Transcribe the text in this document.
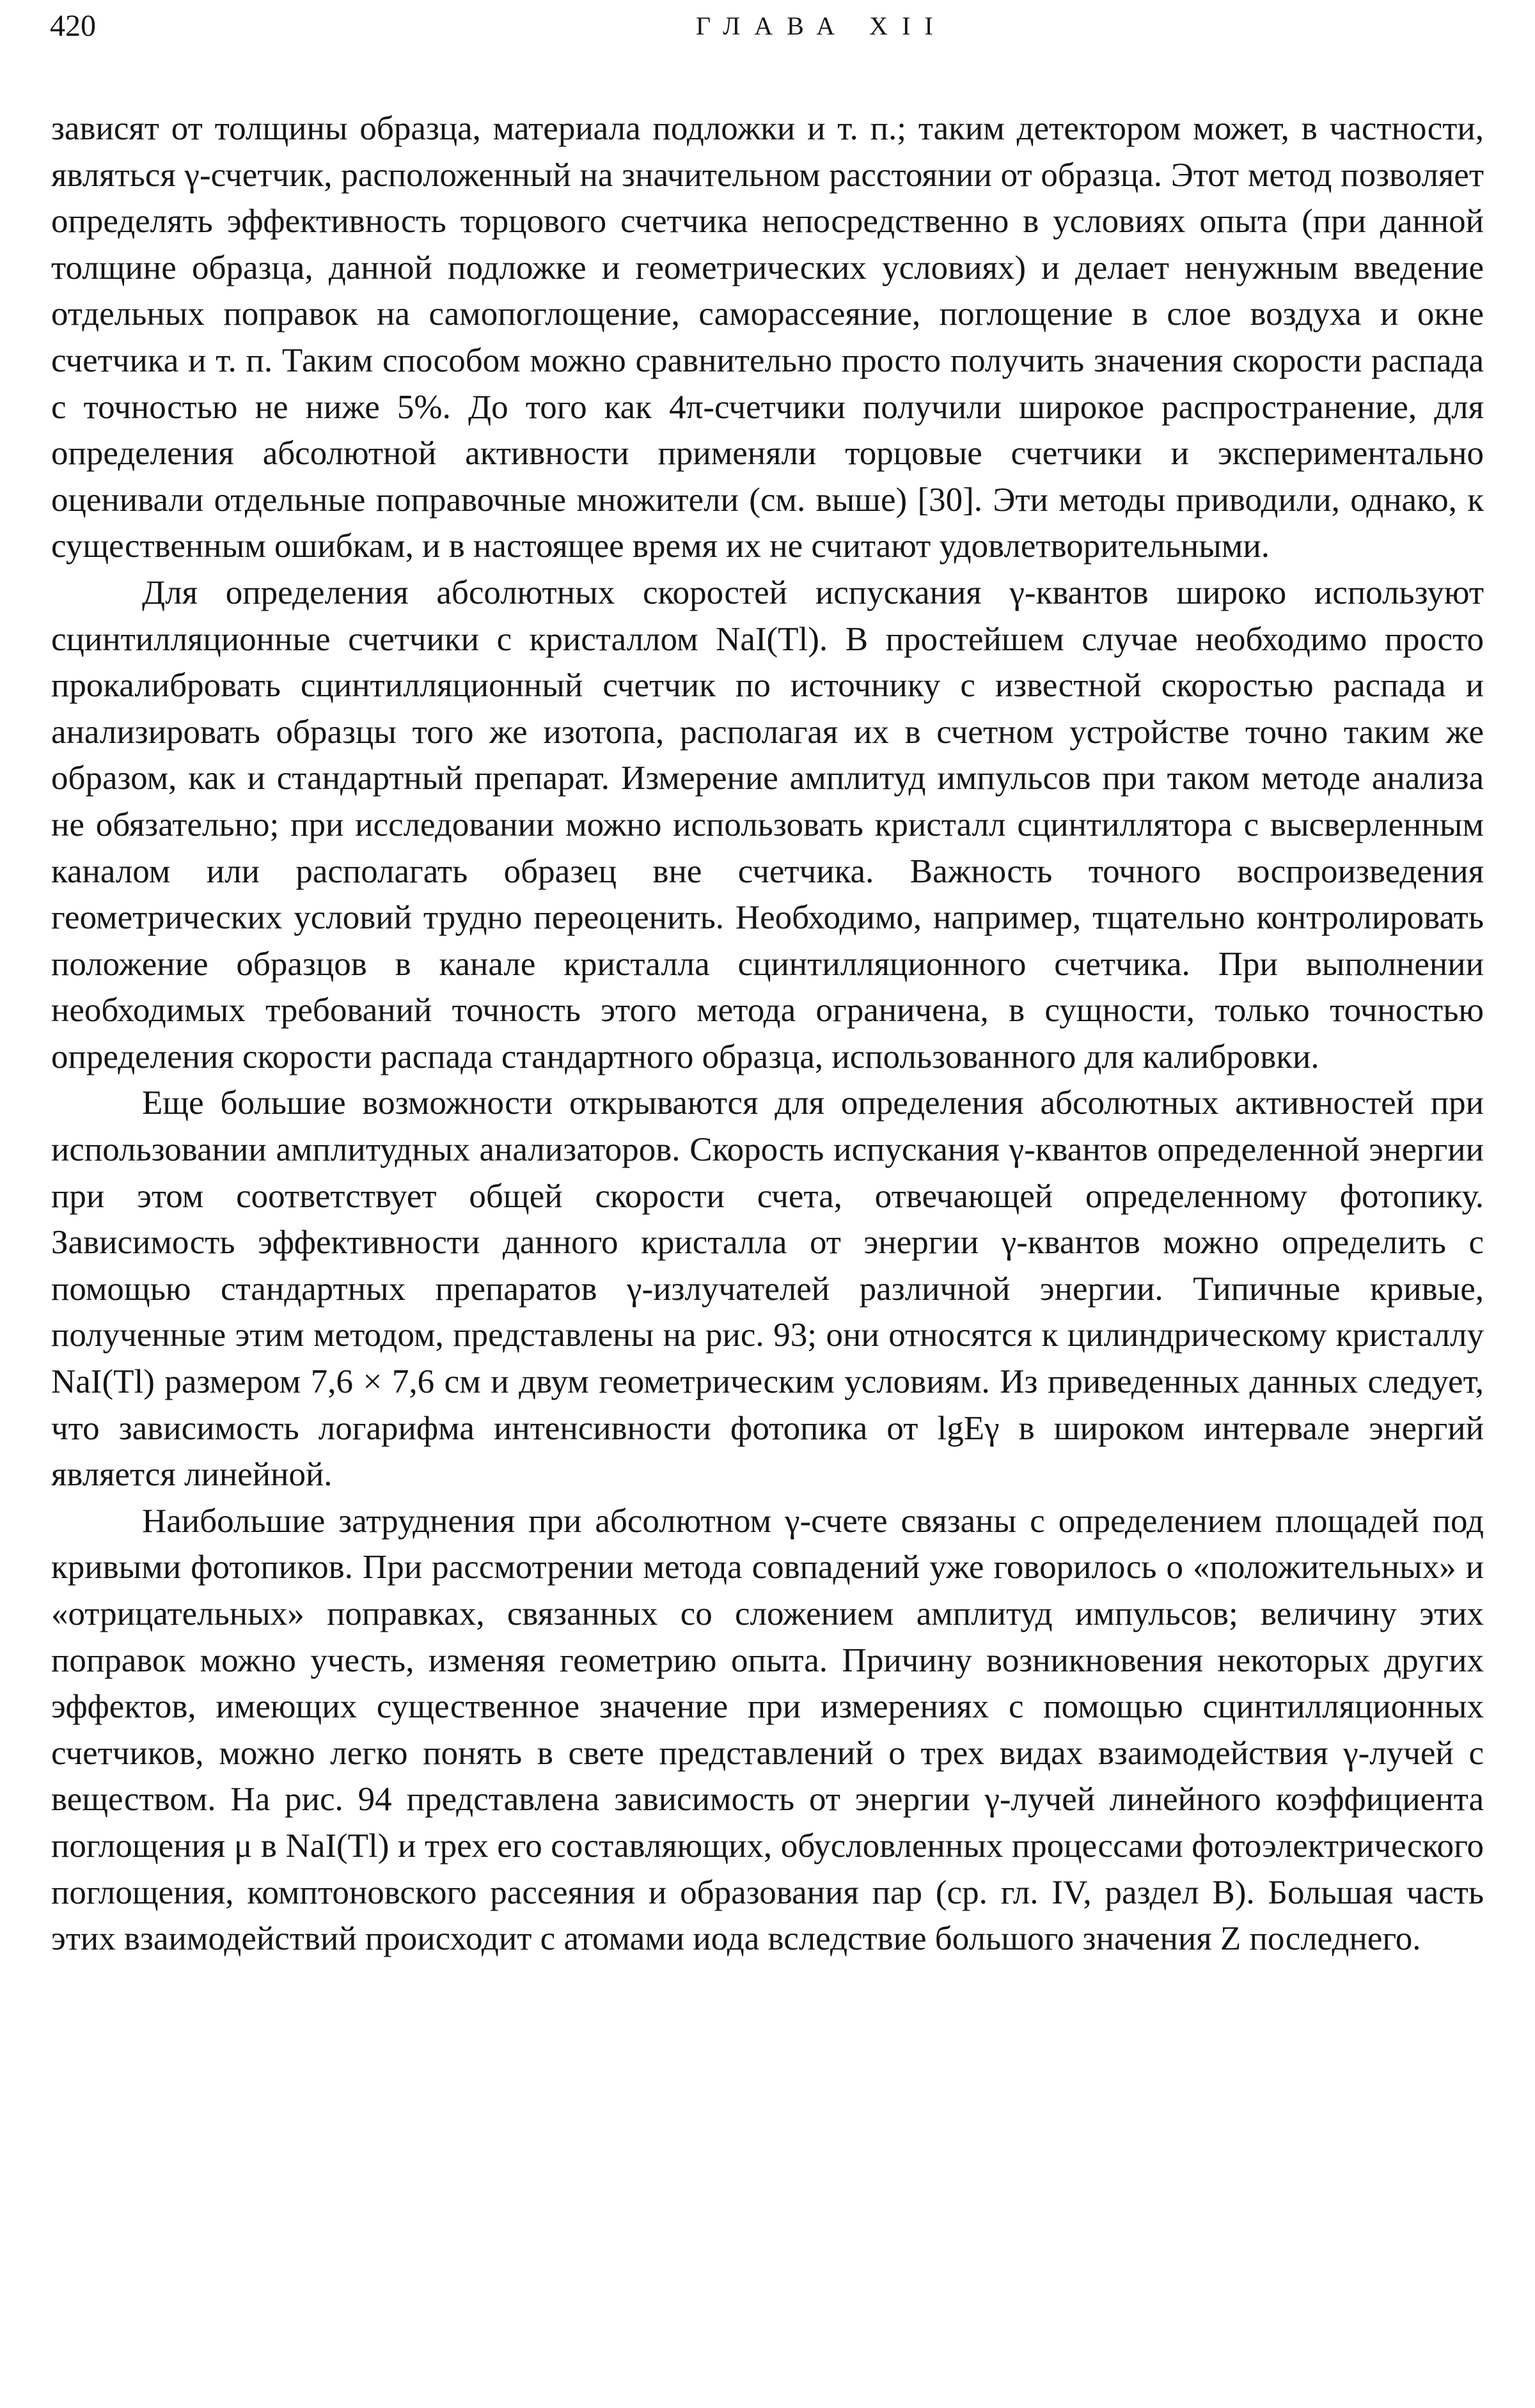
420	ГЛАВА XII

зависят от толщины образца, материала подложки и т. п.; таким детектором может, в частности, являться γ-счетчик, расположенный на значительном расстоянии от образца. Этот метод позволяет определять эффективность торцового счетчика непосредственно в условиях опыта (при данной толщине образца, данной подложке и геометрических условиях) и делает ненужным введение отдельных поправок на самопоглощение, саморассеяние, поглощение в слое воздуха и окне счетчика и т. п. Таким способом можно сравнительно просто получить значения скорости распада с точностью не ниже 5%. До того как 4π-счетчики получили широкое распространение, для определения абсолютной активности применяли торцовые счетчики и экспериментально оценивали отдельные поправочные множители (см. выше) [30]. Эти методы приводили, однако, к существенным ошибкам, и в настоящее время их не считают удовлетворительными.

Для определения абсолютных скоростей испускания γ-квантов широко используют сцинтилляционные счетчики с кристаллом NaI(Tl). В простейшем случае необходимо просто прокалибровать сцинтилляционный счетчик по источнику с известной скоростью распада и анализировать образцы того же изотопа, располагая их в счетном устройстве точно таким же образом, как и стандартный препарат. Измерение амплитуд импульсов при таком методе анализа не обязательно; при исследовании можно использовать кристалл сцинтиллятора с высверленным каналом или располагать образец вне счетчика. Важность точного воспроизведения геометрических условий трудно переоценить. Необходимо, например, тщательно контролировать положение образцов в канале кристалла сцинтилляционного счетчика. При выполнении необходимых требований точность этого метода ограничена, в сущности, только точностью определения скорости распада стандартного образца, использованного для калибровки.

Еще большие возможности открываются для определения абсолютных активностей при использовании амплитудных анализаторов. Скорость испускания γ-квантов определенной энергии при этом соответствует общей скорости счета, отвечающей определенному фотопику. Зависимость эффективности данного кристалла от энергии γ-квантов можно определить с помощью стандартных препаратов γ-излучателей различной энергии. Типичные кривые, полученные этим методом, представлены на рис. 93; они относятся к цилиндрическому кристаллу NaI(Tl) размером 7,6 × 7,6 см и двум геометрическим условиям. Из приведенных данных следует, что зависимость логарифма интенсивности фотопика от lgEγ в широком интервале энергий является линейной.

Наибольшие затруднения при абсолютном γ-счете связаны с определением площадей под кривыми фотопиков. При рассмотрении метода совпадений уже говорилось о «положительных» и «отрицательных» поправках, связанных со сложением амплитуд импульсов; величину этих поправок можно учесть, изменяя геометрию опыта. Причину возникновения некоторых других эффектов, имеющих существенное значение при измерениях с помощью сцинтилляционных счетчиков, можно легко понять в свете представлений о трех видах взаимодействия γ-лучей с веществом. На рис. 94 представлена зависимость от энергии γ-лучей линейного коэффициента поглощения μ в NaI(Tl) и трех его составляющих, обусловленных процессами фотоэлектрического поглощения, комптоновского рассеяния и образования пар (ср. гл. IV, раздел В). Большая часть этих взаимодействий происходит с атомами иода вследствие большого значения Z последнего.
